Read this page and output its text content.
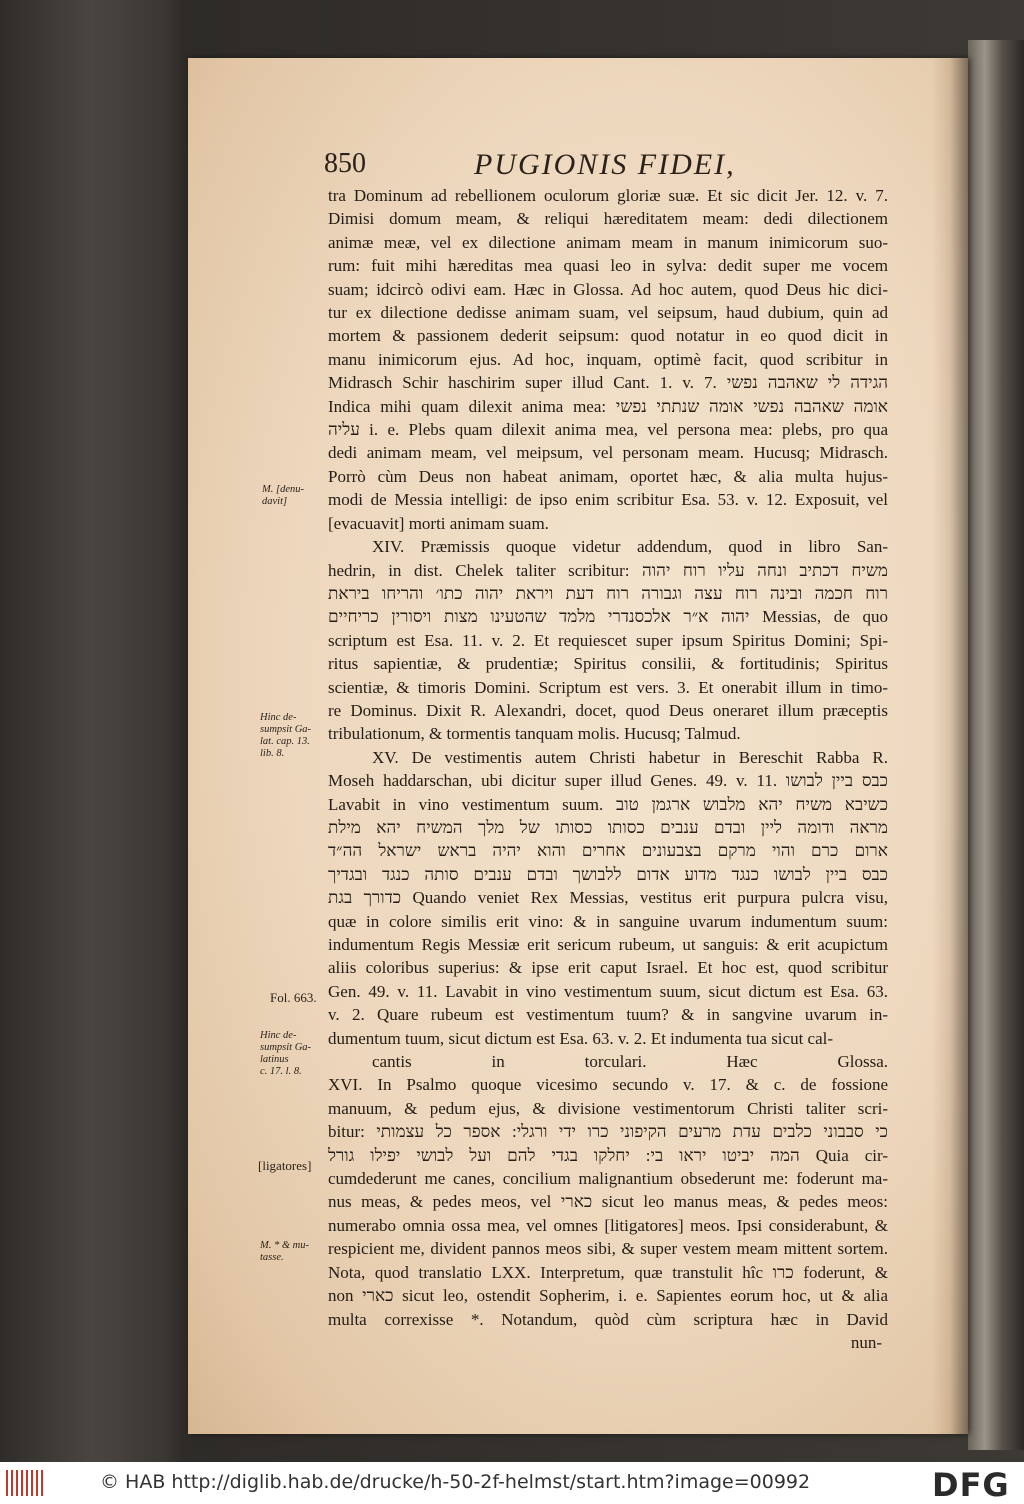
850	PUGIONIS FIDEI,
M. [denu-
davit]
Hinc de-
sumpsit Ga-
lat. cap. 13.
lib. 8.
Fol. 663.
Hinc de-
sumpsit Ga-
latinus
c. 17. l. 8.
[ligatores]
M. * & mu-
tasse.

tra Dominum ad rebellionem oculorum gloriæ suæ. Et sic dicit Jer. 12. v. 7.

Dimisi domum meam, & reliqui hæreditatem meam: dedi dilectionem

animæ meæ, vel ex dilectione animam meam in manum inimicorum suo-

rum: fuit mihi hæreditas mea quasi leo in sylva: dedit super me vocem

suam; idcircò odivi eam. Hæc in Glossa. Ad hoc autem, quod Deus hic dici-

tur ex dilectione dedisse animam suam, vel seipsum, haud dubium, quin ad

mortem & passionem dederit seipsum: quod notatur in eo quod dicit in

manu inimicorum ejus. Ad hoc, inquam, optimè facit, quod scribitur in

Midrasch Schir haschirim super illud Cant. 1. v. 7. הגידה לי שאהבה נפשי

Indica mihi quam dilexit anima mea: אומה שאהבה נפשי אומה שנתתי נפשי

עליה i. e. Plebs quam dilexit anima mea, vel persona mea: plebs, pro qua

dedi animam meam, vel meipsum, vel personam meam. Hucusq; Midrasch.

Porrò cùm Deus non habeat animam, oportet hæc, & alia multa hujus-

modi de Messia intelligi: de ipso enim scribitur Esa. 53. v. 12. Exposuit, vel

[evacuavit] morti animam suam.

XIV. Præmissis quoque videtur addendum, quod in libro San-

hedrin, in dist. Chelek taliter scribitur: משיח דכתיב ונחה עליו רוח יהוה

רוח חכמה ובינה רוח עצה וגבורה רוח דעת ויראת יהוה כתו׳ והריחו ביראת

יהוה א״ר אלכסנדרי מלמד שהטעינו מצות ויסורין כריחיים Messias, de quo

scriptum est Esa. 11. v. 2. Et requiescet super ipsum Spiritus Domini; Spi-

ritus sapientiæ, & prudentiæ; Spiritus consilii, & fortitudinis; Spiritus

scientiæ, & timoris Domini. Scriptum est vers. 3. Et onerabit illum in timo-

re Dominus. Dixit R. Alexandri, docet, quod Deus oneraret illum præceptis

tribulationum, & tormentis tanquam molis. Hucusq; Talmud.

XV. De vestimentis autem Christi habetur in Bereschit Rabba R.

Moseh haddarschan, ubi dicitur super illud Genes. 49. v. 11. כבס ביין לבושו

Lavabit in vino vestimentum suum. כשיבא משיח יהא מלבוש ארגמן טוב

מראה ודומה ליין ובדם ענבים כסותו כסותו של מלך המשיח יהא מילת

ארום כרם והוי מרקם בצבעונים אחרים והוא יהיה בראש ישראל הה״ד

כבס ביין לבושו כנגד מדוע אדום ללבושך ובדם ענבים סותה כנגד ובגדיך

כדורך בגת Quando veniet Rex Messias, vestitus erit purpura pulcra visu,

quæ in colore similis erit vino: & in sanguine uvarum indumentum suum:

indumentum Regis Messiæ erit sericum rubeum, ut sanguis: & erit acupictum

aliis coloribus superius: & ipse erit caput Israel. Et hoc est, quod scribitur

Gen. 49. v. 11. Lavabit in vino vestimentum suum, sicut dictum est Esa. 63.

v. 2. Quare rubeum est vestimentum tuum? & in sangvine uvarum in-

dumentum tuum, sicut dictum est Esa. 63. v. 2. Et indumenta tua sicut cal-

cantis in torculari. Hæc Glossa.

XVI. In Psalmo quoque vicesimo secundo v. 17. & c. de fossione

manuum, & pedum ejus, & divisione vestimentorum Christi taliter scri-

bitur: כי סבבוני כלבים עדת מרעים הקיפוני כרו ידי ורגלי: אספר כל עצמותי

המה יביטו יראו בי: יחלקו בגדי להם ועל לבושי יפילו גורל Quia cir-

cumdederunt me canes, concilium malignantium obsederunt me: foderunt ma-

nus meas, & pedes meos, vel כארי sicut leo manus meas, & pedes meos:

numerabo omnia ossa mea, vel omnes [litigatores] meos. Ipsi considerabunt, &

respicient me, divident pannos meos sibi, & super vestem meam mittent sortem.

Nota, quod translatio LXX. Interpretum, quæ transtulit hîc כרו foderunt, &

non כארי sicut leo, ostendit Sopherim, i. e. Sapientes eorum hoc, ut & alia

multa correxisse *. Notandum, quòd cùm scriptura hæc in David

nun-

© HAB http://diglib.hab.de/drucke/h-50-2f-helmst/start.htm?image=00992	DFG
